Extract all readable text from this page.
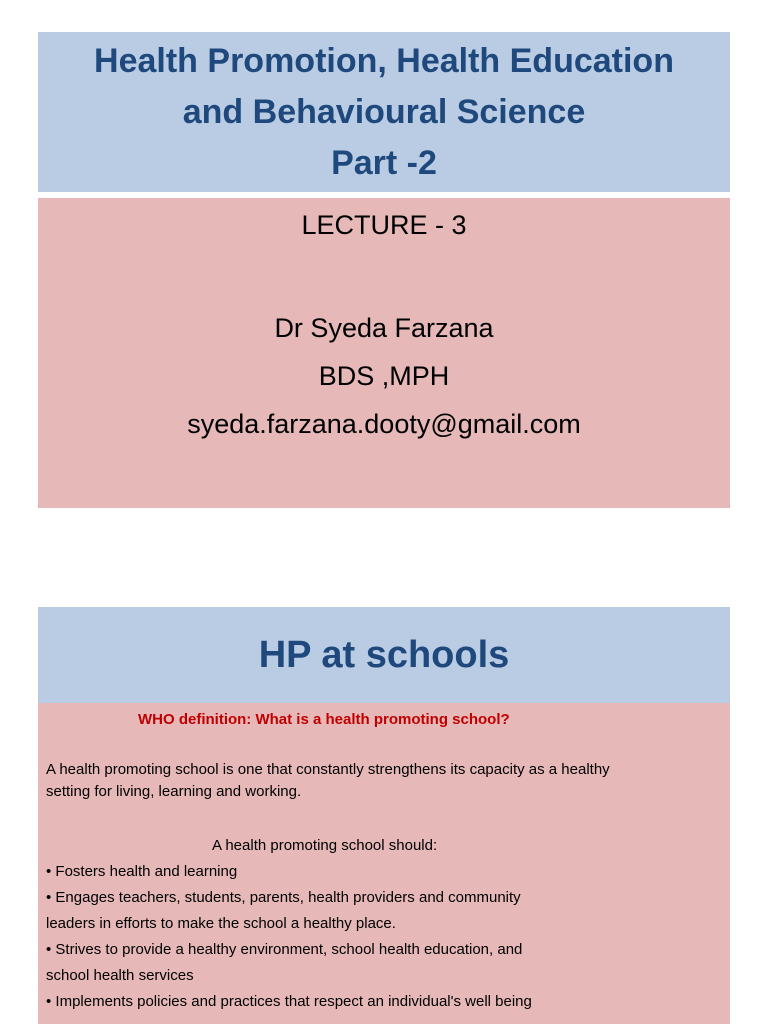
Health Promotion, Health Education
and Behavioural Science
Part -2
LECTURE - 3
Dr Syeda Farzana
BDS ,MPH
syeda.farzana.dooty@gmail.com
HP at schools
WHO definition: What is a health promoting school?
A health promoting school is one that constantly strengthens its capacity as a healthy
setting for living, learning and working.
A health promoting school should:
• Fosters health and learning
• Engages teachers, students, parents, health providers and community
leaders in efforts to make the school a healthy place.
• Strives to provide a healthy environment, school health education, and
school health services
• Implements policies and practices that respect an individual's well being
